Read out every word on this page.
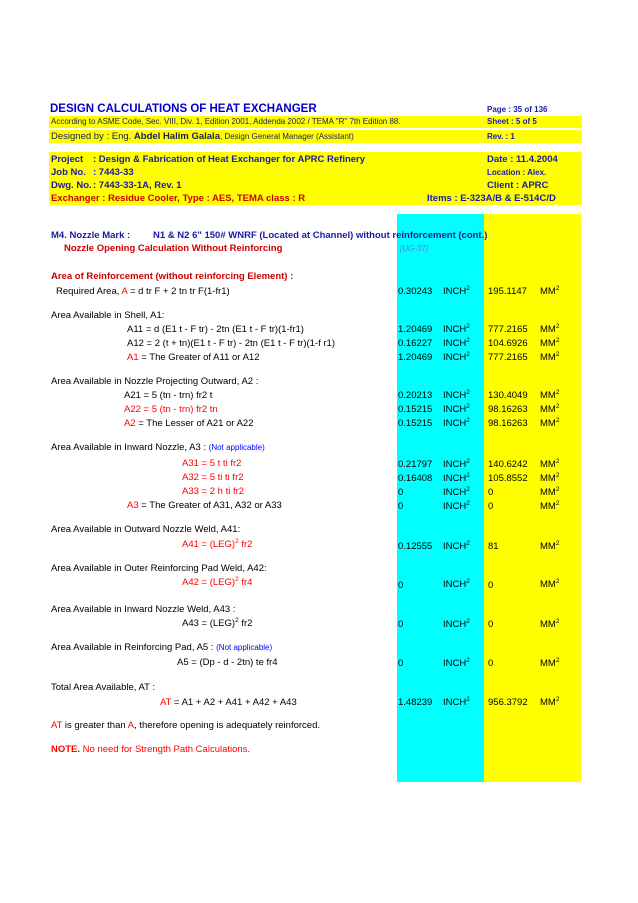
DESIGN CALCULATIONS OF HEAT EXCHANGER	Page : 35 of 136
According to ASME Code, Sec. VIII, Div. 1, Edition 2001, Addenda 2002 / TEMA "R" 7th Edition 88.	Sheet : 5 of 5
Designed by : Eng. Abdel Halim Galala, Design General Manager (Assistant)	Rev. : 1
Project : Design & Fabrication of Heat Exchanger for APRC Refinery	Date : 11.4.2004
Job No. : 7443-33	Location : Alex.
Dwg. No. : 7443-33-1A, Rev. 1	Client : APRC
Exchanger : Residue Cooler, Type : AES, TEMA class : R	Items : E-323A/B & E-514C/D
M4. Nozzle Mark : N1 & N2 6" 150# WNRF (Located at Channel) without reinforcement (cont.)
Nozzle Opening Calculation Without Reinforcing	[UG-37]
Area of Reinforcement (without reinforcing Element) :
Required Area, A = d tr F + 2 tn tr F(1-fr1)	0.30243 INCH$^2$ 195.1147 $MM^2$
Area Available in Shell, A1:
A11 = d (E1 t - F tr) - 2tn (E1 t - F tr)(1-fr1)	1.20469 INCH$^2$ 777.2165 $MM^2$
A12 = 2 (t + tn)(E1 t - F tr) - 2tn (E1 t - F tr)(1-f r1)	0.16227 INCH$^2$ 104.6926 $MM^2$
A1 = The Greater of A11 or A12	1.20469 INCH$^2$ 777.2165 $MM^2$
Area Available in Nozzle Projecting Outward, A2 :
A21 = 5 (tn - trn) fr2 t	0.20213 INCH$^2$ 130.4049 $MM^2$
A22 = 5 (tn - trn) fr2 tn	0.15215 INCH$^2$ 98.16263 $MM^2$
A2 = The Lesser of A21 or A22	0.15215 INCH$^2$ 98.16263 $MM^2$
Area Available in Inward Nozzle, A3 : (Not applicable)
A31 = 5 t ti fr2	0.21797 INCH$^2$ 140.6242 $MM^2$
A32 = 5 ti ti fr2	0.16408 INCH$^2$ 105.8552 $MM^2$
A33 = 2 h ti fr2	0	INCH$^2$ 0	$MM^2$
A3 = The Greater of A31, A32 or A33	0	INCH$^2$ 0	$MM^2$
Area Available in Outward Nozzle Weld, A41:
A41 = (LEG)$^2$ fr2	0.12555 INCH$^2$ 81	$MM^2$
Area Available in Outer Reinforcing Pad Weld, A42:
A42 = (LEG)$^2$ fr4	0	INCH$^2$ 0	$MM^2$
Area Available in Inward Nozzle Weld, A43 :
A43 = (LEG)$^2$ fr2	0	INCH$^2$ 0	$MM^2$
Area Available in Reinforcing Pad, A5 : (Not applicable)
A5 = (Dp - d - 2tn) te fr4	0	INCH$^2$ 0	$MM^2$
Total Area Available, AT :
AT = A1 + A2 + A41 + A42 + A43	1.48239 INCH$^2$ 956.3792 $MM^2$
AT is greater than A, therefore opening is adequately reinforced.
NOTE. No need for Strength Path Calculations.
